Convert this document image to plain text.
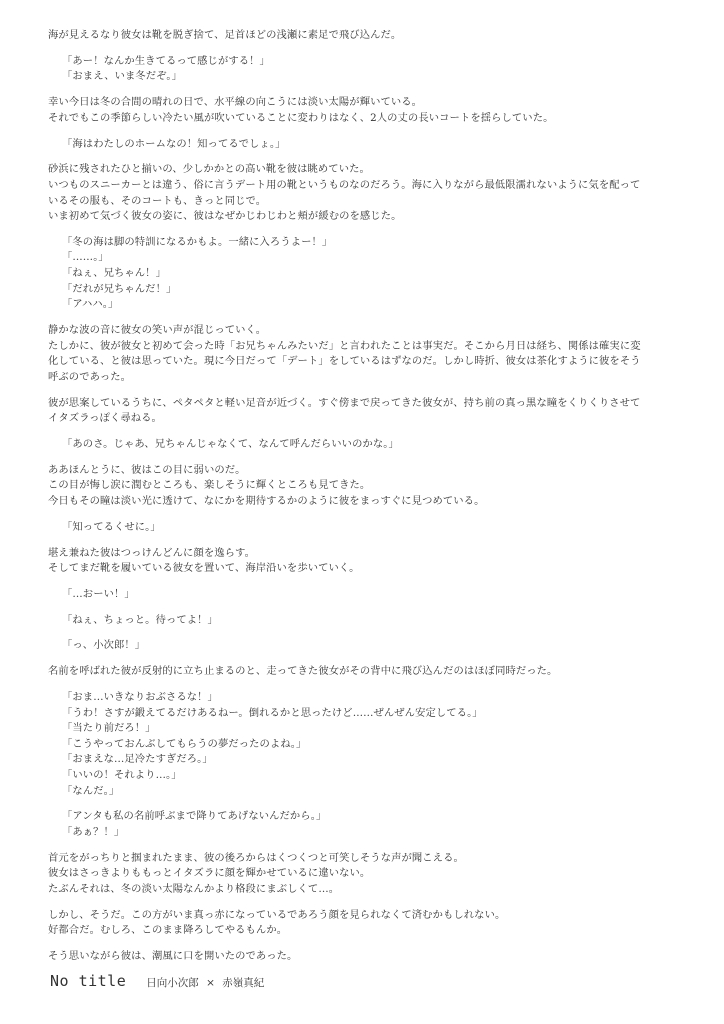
海が見えるなり彼女は靴を脱ぎ捨て、足首ほどの浅瀬に素足で飛び込んだ。
「あー！なんか生きてるって感じがする！」
「おまえ、いま冬だぞ。」
幸い今日は冬の合間の晴れの日で、水平線の向こうには淡い太陽が輝いている。
それでもこの季節らしい冷たい風が吹いていることに変わりはなく、2人の丈の長いコートを揺らしていた。
「海はわたしのホームなの！知ってるでしょ。」
砂浜に残されたひと揃いの、少しかかとの高い靴を彼は眺めていた。
いつものスニーカーとは違う、俗に言うデート用の靴というものなのだろう。海に入りながら最低限濡れないように気を配って
いるその服も、そのコートも、きっと同じで。
いま初めて気づく彼女の姿に、彼はなぜかじわじわと頬が緩むのを感じた。
「冬の海は脚の特訓になるかもよ。一緒に入ろうよー！」
「……。」
「ねぇ、兄ちゃん！」
「だれが兄ちゃんだ！」
「アハハ。」
静かな波の音に彼女の笑い声が混じっていく。
たしかに、彼が彼女と初めて会った時「お兄ちゃんみたいだ」と言われたことは事実だ。そこから月日は経ち、関係は確実に変
化している、と彼は思っていた。現に今日だって「デート」をしているはずなのだ。しかし時折、彼女は茶化すように彼をそう
呼ぶのであった。
彼が思案しているうちに、ペタペタと軽い足音が近づく。すぐ傍まで戻ってきた彼女が、持ち前の真っ黒な瞳をくりくりさせて
イタズラっぽく尋ねる。
「あのさ。じゃあ、兄ちゃんじゃなくて、なんて呼んだらいいのかな。」
ああほんとうに、彼はこの目に弱いのだ。
この目が悔し涙に潤むところも、楽しそうに輝くところも見てきた。
今日もその瞳は淡い光に透けて、なにかを期待するかのように彼をまっすぐに見つめている。
「知ってるくせに。」
堪え兼ねた彼はつっけんどんに顔を逸らす。
そしてまだ靴を履いている彼女を置いて、海岸沿いを歩いていく。
「…おーい！」
「ねぇ、ちょっと。待ってよ！」
「っ、小次郎！」
名前を呼ばれた彼が反射的に立ち止まるのと、走ってきた彼女がその背中に飛び込んだのはほぼ同時だった。
「おま…いきなりおぶさるな！」
「うわ！さすが鍛えてるだけあるねー。倒れるかと思ったけど……ぜんぜん安定してる。」
「当たり前だろ！」
「こうやっておんぶしてもらうの夢だったのよね。」
「おまえな…足冷たすぎだろ。」
「いいの！それより…。」
「なんだ。」
「アンタも私の名前呼ぶまで降りてあげないんだから。」
「あぁ？！」
首元をがっちりと掴まれたまま、彼の後ろからはくつくつと可笑しそうな声が聞こえる。
彼女はさっきよりももっとイタズラに顔を輝かせているに違いない。
たぶんそれは、冬の淡い太陽なんかより格段にまぶしくて…。
しかし、そうだ。この方がいま真っ赤になっているであろう顔を見られなくて済むかもしれない。
好都合だ。むしろ、このまま降ろしてやるもんか。
そう思いながら彼は、潮風に口を開いたのであった。
No title 日向小次郎 × 赤嶺真紀
